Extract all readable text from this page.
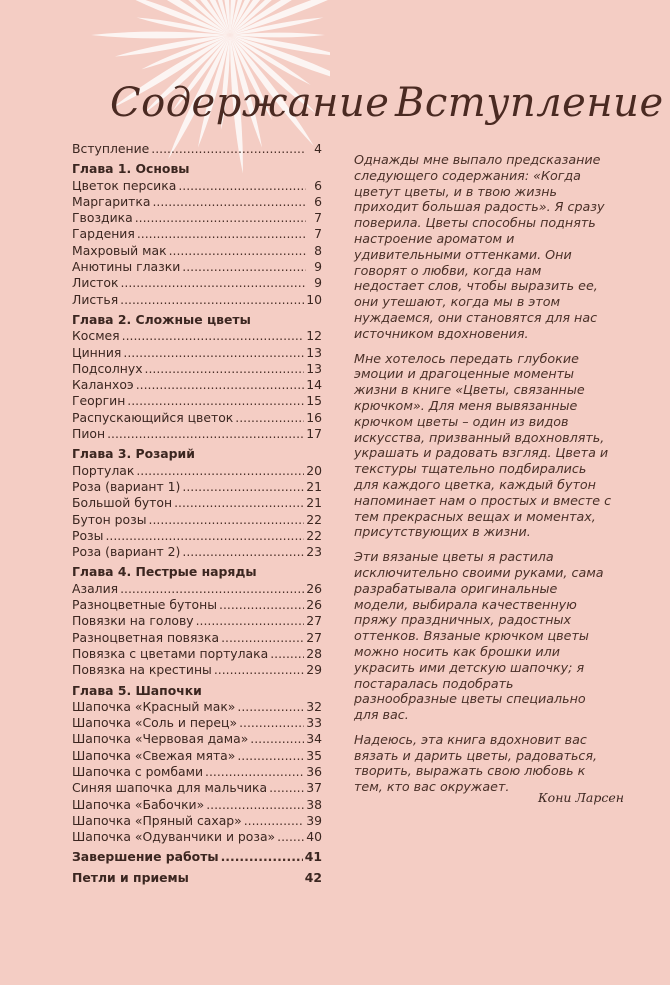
Содержание Вступление
Вступление .....	4
Глава 1. Основы
Цветок персика .....	6
Маргаритка .....	6
Гвоздика .....	7
Гардения .....	7
Махровый мак .....	8
Анютины глазки .....	9
Листок .....	9
Листья .....	10
Глава 2. Сложные цветы
Космея .....	12
Цинния .....	13
Подсолнух .....	13
Каланхоэ .....	14
Георгин .....	15
Распускающийся цветок .....	16
Пион .....	17
Глава 3. Розарий
Портулак .....	20
Роза (вариант 1) .....	21
Большой бутон .....	21
Бутон розы .....	22
Розы .....	22
Роза (вариант 2) .....	23
Глава 4. Пестрые наряды
Азалия .....	26
Разноцветные бутоны .....	26
Повязки на голову .....	27
Разноцветная повязка .....	27
Повязка с цветами портулака .....	28
Повязка на крестины .....	29
Глава 5. Шапочки
Шапочка «Красный мак» .....	32
Шапочка «Соль и перец» .....	33
Шапочка «Червовая дама» .....	34
Шапочка «Свежая мята» .....	35
Шапочка с ромбами .....	36
Синяя шапочка для мальчика .....	37
Шапочка «Бабочки» .....	38
Шапочка «Пряный сахар» .....	39
Шапочка «Одуванчики и роза» .....	40
Завершение работы .....	41
Петли и приемы	42

Однажды мне выпало предсказание следующего содержания: «Когда цветут цветы, и в твою жизнь приходит большая радость». Я сразу поверила. Цветы способны поднять настроение ароматом и удивительными оттенками. Они говорят о любви, когда нам недостает слов, чтобы выразить ее, они утешают, когда мы в этом нуждаемся, они становятся для нас источником вдохновения.

Мне хотелось передать глубокие эмоции и драгоценные моменты жизни в книге «Цветы, связанные крючком». Для меня вывязанные крючком цветы – один из видов искусства, призванный вдохновлять, украшать и радовать взгляд. Цвета и текстуры тщательно подбирались для каждого цветка, каждый бутон напоминает нам о простых и вместе с тем прекрасных вещах и моментах, присутствующих в жизни.

Эти вязаные цветы я растила исключительно своими руками, сама разрабатывала оригинальные модели, выбирала качественную пряжу праздничных, радостных оттенков. Вязаные крючком цветы можно носить как брошки или украсить ими детскую шапочку; я постаралась подобрать разнообразные цветы специально для вас.

Надеюсь, эта книга вдохновит вас вязать и дарить цветы, радоваться, творить, выражать свою любовь к тем, кто вас окружает.

Кони Ларсен
